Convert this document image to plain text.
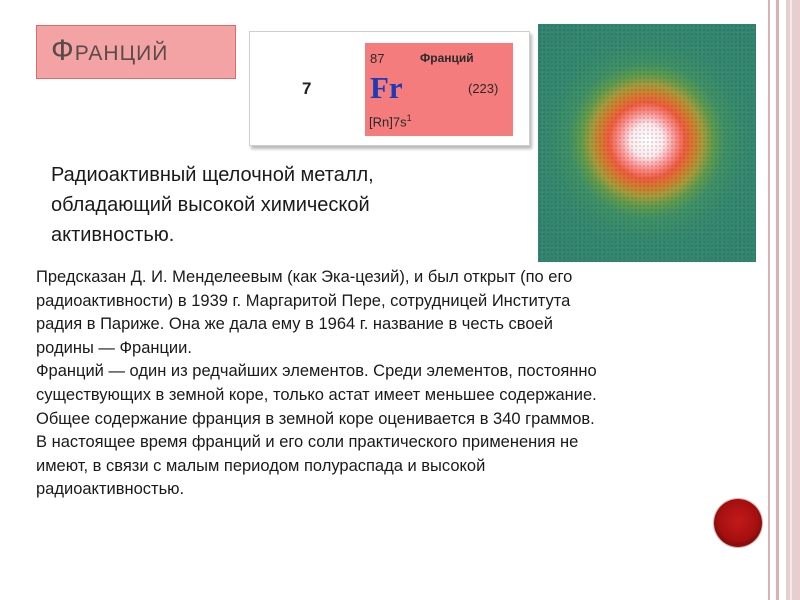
Франций
7
87	Франций
Fr	(223)
$[Rn]7s^1$
Радиоактивный щелочной металл, обладающий высокой химической активностью.

Предсказан Д. И. Менделеевым (как Эка-цезий), и был открыт (по его

радиоактивности) в 1939 г. Маргаритой Пере, сотрудницей Института

радия в Париже. Она же дала ему в 1964 г. название в честь своей

родины — Франции.

Франций — один из редчайших элементов. Среди элементов, постоянно

существующих в земной коре, только астат имеет меньшее содержание.

Общее содержание франция в земной коре оценивается в 340 граммов.

В настоящее время франций и его соли практического применения не

имеют, в связи с малым периодом полураспада и высокой

радиоактивностью.
